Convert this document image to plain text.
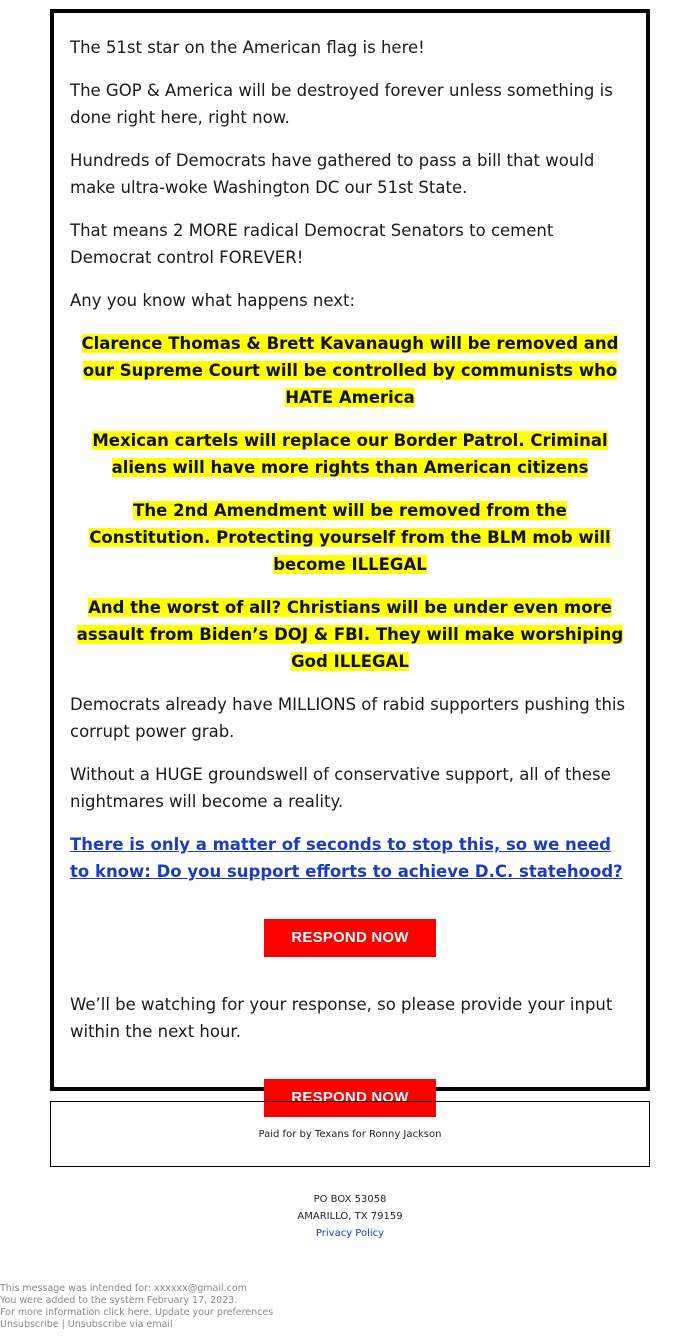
The 51st star on the American flag is here!

The GOP & America will be destroyed forever unless something is done right here, right now.

Hundreds of Democrats have gathered to pass a bill that would make ultra-woke Washington DC our 51st State.

That means 2 MORE radical Democrat Senators to cement Democrat control FOREVER!

Any you know what happens next:

Clarence Thomas & Brett Kavanaugh will be removed and our Supreme Court will be controlled by communists who HATE America
Mexican cartels will replace our Border Patrol. Criminal aliens will have more rights than American citizens
The 2nd Amendment will be removed from the Constitution. Protecting yourself from the BLM mob will become ILLEGAL
And the worst of all? Christians will be under even more assault from Biden’s DOJ & FBI. They will make worshiping God ILLEGAL

Democrats already have MILLIONS of rabid supporters pushing this corrupt power grab.

Without a HUGE groundswell of conservative support, all of these nightmares will become a reality.

There is only a matter of seconds to stop this, so we need to know: Do you support efforts to achieve D.C. statehood?

RESPOND NOW

We’ll be watching for your response, so please provide your input within the next hour.

RESPOND NOW
Paid for by Texans for Ronny Jackson
PO BOX 53058
AMARILLO, TX 79159
Privacy Policy
This message was intended for: xxxxxx@gmail.com
You were added to the system February 17, 2023.
For more information click here. Update your preferences
Unsubscribe | Unsubscribe via email
